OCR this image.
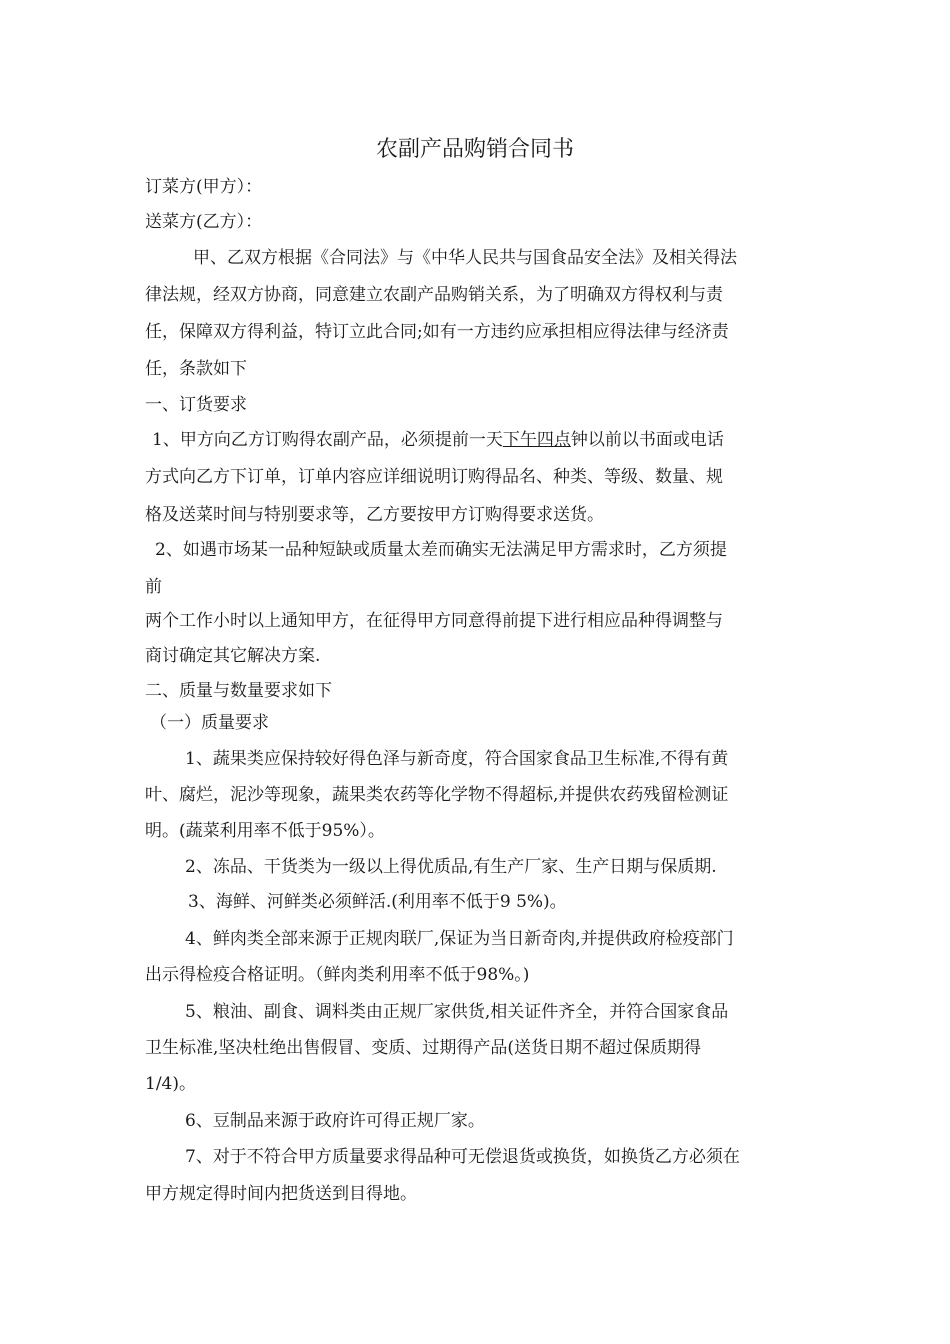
农副产品购销合同书
订菜方(甲方）：
送菜方(乙方）：
甲、乙双方根据《合同法》与《中华人民共与国食品安全法》及相关得法
律法规，经双方协商，同意建立农副产品购销关系，为了明确双方得权利与责
任，保障双方得利益，特订立此合同;如有一方违约应承担相应得法律与经济责
任，条款如下
一、订货要求
1、甲方向乙方订购得农副产品，必须提前一天下午四点钟以前以书面或电话
方式向乙方下订单，订单内容应详细说明订购得品名、种类、等级、数量、规
格及送菜时间与特别要求等，乙方要按甲方订购得要求送货。
2、如遇市场某一品种短缺或质量太差而确实无法满足甲方需求时，乙方须提
前
两个工作小时以上通知甲方，在征得甲方同意得前提下进行相应品种得调整与
商讨确定其它解决方案.
二、质量与数量要求如下
（一）质量要求
1、蔬果类应保持较好得色泽与新奇度，符合国家食品卫生标准,不得有黄
叶、腐烂，泥沙等现象，蔬果类农药等化学物不得超标,并提供农药残留检测证
明。(蔬菜利用率不低于95%）。
2、冻品、干货类为一级以上得优质品,有生产厂家、生产日期与保质期.
3、海鲜、河鲜类必须鲜活.(利用率不低于9 5%)。
4、鲜肉类全部来源于正规肉联厂,保证为当日新奇肉,并提供政府检疫部门
出示得检疫合格证明。（鲜肉类利用率不低于98%。)
5、粮油、副食、调料类由正规厂家供货,相关证件齐全，并符合国家食品
卫生标准,坚决杜绝出售假冒、变质、过期得产品(送货日期不超过保质期得
1/4)。
6、豆制品来源于政府许可得正规厂家。
7、对于不符合甲方质量要求得品种可无偿退货或换货，如换货乙方必须在
甲方规定得时间内把货送到目得地。
